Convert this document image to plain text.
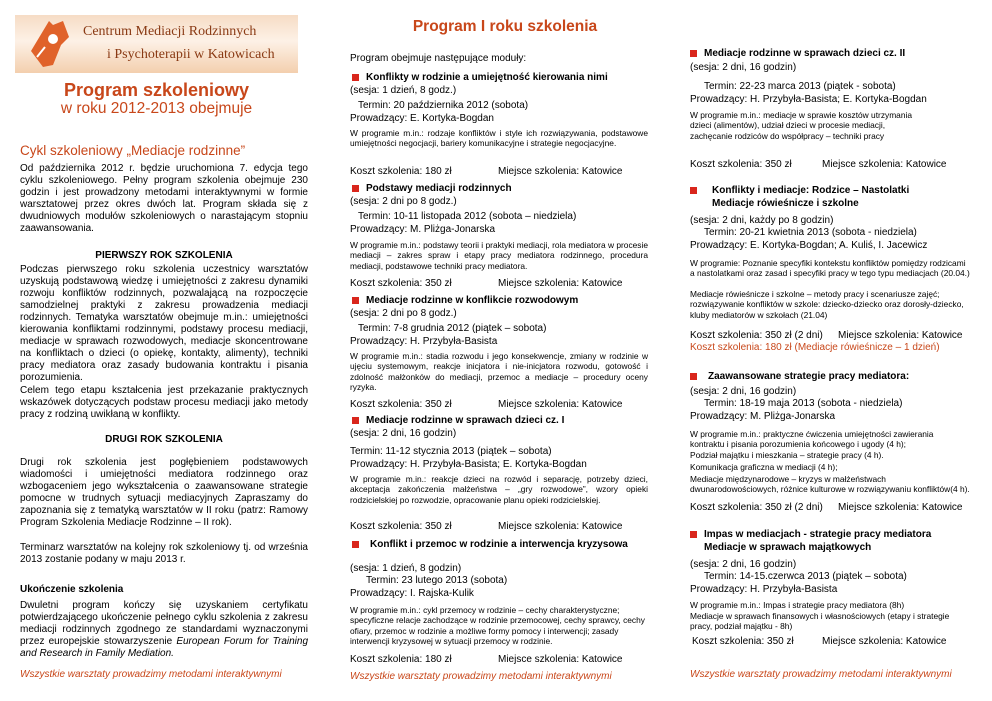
Centrum Mediacji Rodzinnych
i Psychoterapii w Katowicach
Program szkoleniowy
w roku 2012-2013 obejmuje
Cykl szkoleniowy „Mediacje rodzinne”
Od października 2012 r. będzie uruchomiona 7. edycja tego cyklu szkoleniowego. Pełny program szkolenia obejmuje 230 godzin i jest prowadzony metodami interaktywnymi w formie warsztatowej przez okres dwóch lat. Program składa się z dwudniowych modułów szkoleniowych o narastającym stopniu zaawansowania.
PIERWSZY ROK SZKOLENIA
Podczas pierwszego roku szkolenia uczestnicy warsztatów uzyskują podstawową wiedzę i umiejętności z zakresu dynamiki rozwoju konfliktów rodzinnych, pozwalającą na rozpoczęcie samodzielnej praktyki z zakresu prowadzenia mediacji rodzinnych. Tematyka warsztatów obejmuje m.in.: umiejętności kierowania konfliktami rodzinnymi, podstawy procesu mediacji, mediacje w sprawach rozwodowych, mediacje skoncentrowane na konfliktach o dzieci (o opiekę, kontakty, alimenty), techniki pracy mediatora oraz zasady budowania kontraktu i pisania porozumienia.
Celem tego etapu kształcenia jest przekazanie praktycznych wskazówek dotyczących podstaw procesu mediacji jako metody pracy z rodziną uwikłaną w konflikty.
DRUGI ROK SZKOLENIA
Drugi rok szkolenia jest pogłębieniem podstawowych wiadomości i umiejętności mediatora rodzinnego oraz wzbogaceniem jego wykształcenia o zaawansowane strategie pomocne w trudnych sytuacji mediacyjnych Zapraszamy do zapoznania się z tematyką warsztatów w II roku (patrz: Ramowy Program Szkolenia Mediacje Rodzinne – II rok).
Terminarz warsztatów na kolejny rok szkoleniowy tj. od września 2013 zostanie podany w maju 2013 r.
Ukończenie szkolenia
Dwuletni program kończy się uzyskaniem certyfikatu potwierdzającego ukończenie pełnego cyklu szkolenia z zakresu mediacji rodzinnych zgodnego ze standardami wyznaczonymi przez europejskie stowarzyszenie European Forum for Training and Research in Family Mediation.
Wszystkie warsztaty prowadzimy metodami interaktywnymi
Program I roku szkolenia
Program obejmuje następujące moduły:
Konflikty w rodzinie a umiejętność kierowania nimi
(sesja: 1 dzień, 8 godz.)
Termin: 20 października 2012 (sobota)
Prowadzący: E. Kortyka-Bogdan
W programie m.in.: rodzaje konfliktów i style ich rozwiązywania, podstawowe umiejętności negocjacji, bariery komunikacyjne i strategie negocjacyjne.
Koszt szkolenia: 180 zł	Miejsce szkolenia: Katowice
Podstawy mediacji rodzinnych
(sesja: 2 dni po 8 godz.)
Termin: 10-11 listopada 2012 (sobota – niedziela)
Prowadzący: M. Pliżga-Jonarska
W programie m.in.: podstawy teorii i praktyki mediacji, rola mediatora w procesie mediacji – zakres spraw i etapy pracy mediatora rodzinnego, procedura mediacji, podstawowe techniki pracy mediatora.
Koszt szkolenia: 350 zł	Miejsce szkolenia: Katowice
Mediacje rodzinne w konflikcie rozwodowym
(sesja: 2 dni po 8 godz.)
Termin: 7-8 grudnia 2012 (piątek – sobota)
Prowadzący: H. Przybyła-Basista
W programie m.in.: stadia rozwodu i jego konsekwencje, zmiany w rodzinie w ujęciu systemowym, reakcje inicjatora i nie-inicjatora rozwodu, gotowość i zdolność małżonków do mediacji, przemoc a mediacje – procedury oceny ryzyka.
Koszt szkolenia: 350 zł	Miejsce szkolenia: Katowice
Mediacje rodzinne w sprawach dzieci cz. I
(sesja: 2 dni, 16 godzin)
Termin: 11-12 stycznia 2013 (piątek – sobota)
Prowadzący: H. Przybyła-Basista; E. Kortyka-Bogdan
W programie m.in.: reakcje dzieci na rozwód i separację, potrzeby dzieci, akceptacja zakończenia małżeństwa – „gry rozwodowe”, wzory opieki rodzicielskiej po rozwodzie, opracowanie planu opieki rodzicielskiej.
Koszt szkolenia: 350 zł	Miejsce szkolenia: Katowice
Konflikt i przemoc w rodzinie a interwencja kryzysowa
(sesja: 1 dzień, 8 godzin)
Termin: 23 lutego 2013 (sobota)
Prowadzący: I. Rajska-Kulik
W programie m.in.: cykl przemocy w rodzinie – cechy charakterystyczne; specyficzne relacje zachodzące w rodzinie przemocowej, cechy sprawcy, cechy ofiary, przemoc w rodzinie a możliwe formy pomocy i interwencji; zasady interwencji kryzysowej w sytuacji przemocy w rodzinie.
Koszt szkolenia: 180 zł	Miejsce szkolenia: Katowice
Wszystkie warsztaty prowadzimy metodami interaktywnymi
Mediacje rodzinne w sprawach dzieci cz. II
(sesja: 2 dni, 16 godzin)
Termin: 22-23 marca 2013 (piątek - sobota)
Prowadzący: H. Przybyła-Basista; E. Kortyka-Bogdan
W programie m.in.: mediacje w sprawie kosztów utrzymania dzieci (alimentów), udział dzieci w procesie mediacji, zachęcanie rodziców do współpracy – techniki pracy
Koszt szkolenia: 350 zł	Miejsce szkolenia: Katowice
Konflikty i mediacje: Rodzice – Nastolatki
Mediacje rówieśnicze i szkolne
(sesja: 2 dni, każdy po 8 godzin)
Termin: 20-21 kwietnia 2013 (sobota - niedziela)
Prowadzący: E. Kortyka-Bogdan; A. Kuliś, I. Jacewicz
W programie: Poznanie specyfiki kontekstu konfliktów pomiędzy rodzicami a nastolatkami oraz zasad i specyfiki pracy w tego typu mediacjach (20.04.)
Mediacje rówieśnicze i szkolne – metody pracy i scenariusze zajęć; rozwiązywanie konfliktów w szkole: dziecko-dziecko oraz dorosły-dziecko, kluby mediatorów w szkołach (21.04)
Koszt szkolenia: 350 zł (2 dni) Miejsce szkolenia: Katowice
Koszt szkolenia: 180 zł (Mediacje rówieśnicze – 1 dzień)
Zaawansowane strategie pracy mediatora:
(sesja: 2 dni, 16 godzin)
Termin: 18-19 maja 2013 (sobota - niedziela)
Prowadzący: M. Pliżga-Jonarska
W programie m.in.: praktyczne ćwiczenia umiejętności zawierania kontraktu i pisania porozumienia końcowego i ugody (4 h);
Podział majątku i mieszkania – strategie pracy (4 h).
Komunikacja graficzna w mediacji (4 h);
Mediacje międzynarodowe – kryzys w małżeństwach dwunarodowościowych, różnice kulturowe w rozwiązywaniu konfliktów(4 h).
Koszt szkolenia: 350 zł (2 dni) Miejsce szkolenia: Katowice
Impas w mediacjach - strategie pracy mediatora
Mediacje w sprawach majątkowych
(sesja: 2 dni, 16 godzin)
Termin: 14-15.czerwca 2013 (piątek – sobota)
Prowadzący: H. Przybyła-Basista
W programie m.in.: Impas i strategie pracy mediatora (8h)
Mediacje w sprawach finansowych i własnościowych (etapy i strategie pracy, podział majątku - 8h)
Koszt szkolenia: 350 zł	Miejsce szkolenia: Katowice
Wszystkie warsztaty prowadzimy metodami interaktywnymi
